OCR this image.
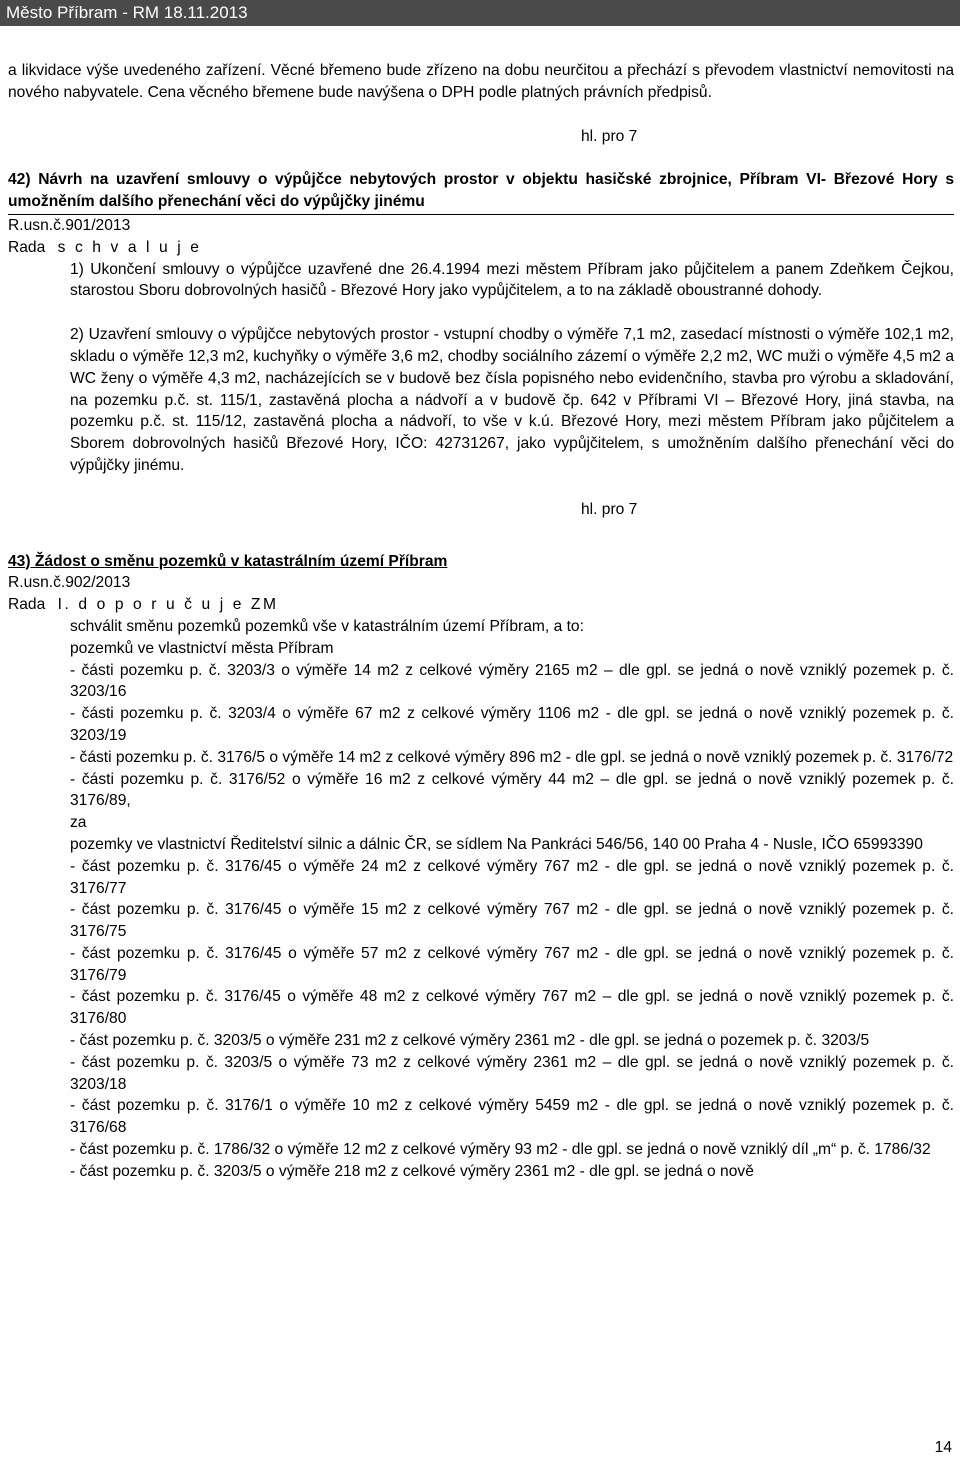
Město Příbram - RM 18.11.2013

a likvidace výše uvedeného zařízení. Věcné břemeno bude zřízeno na dobu neurčitou a přechází s převodem vlastnictví nemovitosti na nového nabyvatele. Cena věcného břemene bude navýšena o DPH podle platných právních předpisů.

hl. pro 7

42) Návrh na uzavření smlouvy o výpůjčce nebytových prostor v objektu hasičské zbrojnice, Příbram VI- Březové Hory s umožněním dalšího přenechání věci do výpůjčky jinému

R.usn.č.901/2013

Rada s c h v a l u j e

1) Ukončení smlouvy o výpůjčce uzavřené dne 26.4.1994 mezi městem Příbram jako půjčitelem a panem Zdeňkem Čejkou, starostou Sboru dobrovolných hasičů - Březové Hory jako vypůjčitelem, a to na základě oboustranné dohody.

2) Uzavření smlouvy o výpůjčce nebytových prostor - vstupní chodby o výměře 7,1 m2, zasedací místnosti o výměře 102,1 m2, skladu o výměře 12,3 m2, kuchyňky o výměře 3,6 m2, chodby sociálního zázemí o výměře 2,2 m2, WC muži o výměře 4,5 m2 a WC ženy o výměře 4,3 m2, nacházejících se v budově bez čísla popisného nebo evidenčního, stavba pro výrobu a skladování, na pozemku p.č. st. 115/1, zastavěná plocha a nádvoří a v budově čp. 642 v Příbrami VI – Březové Hory, jiná stavba, na pozemku p.č. st. 115/12, zastavěná plocha a nádvoří, to vše v k.ú. Březové Hory, mezi městem Příbram jako půjčitelem a Sborem dobrovolných hasičů Březové Hory, IČO: 42731267, jako vypůjčitelem, s umožněním dalšího přenechání věci do výpůjčky jinému.

hl. pro 7

43) Žádost o směnu pozemků v katastrálním území Příbram

R.usn.č.902/2013

Rada I. d o p o r u č u j e ZM

schválit směnu pozemků pozemků vše v katastrálním území Příbram, a to:

pozemků ve vlastnictví města Příbram

- části pozemku p. č. 3203/3 o výměře 14 m2 z celkové výměry 2165 m2 – dle gpl. se jedná o nově vzniklý pozemek p. č. 3203/16

- části pozemku p. č. 3203/4 o výměře 67 m2 z celkové výměry 1106 m2 - dle gpl. se jedná o nově vzniklý pozemek p. č. 3203/19

- části pozemku p. č. 3176/5 o výměře 14 m2 z celkové výměry 896 m2 - dle gpl. se jedná o nově vzniklý pozemek p. č. 3176/72

- části pozemku p. č. 3176/52 o výměře 16 m2 z celkové výměry 44 m2 – dle gpl. se jedná o nově vzniklý pozemek p. č. 3176/89,

za

pozemky ve vlastnictví Ředitelství silnic a dálnic ČR, se sídlem Na Pankráci 546/56, 140 00 Praha 4 - Nusle, IČO 65993390

- část pozemku p. č. 3176/45 o výměře 24 m2 z celkové výměry 767 m2 - dle gpl. se jedná o nově vzniklý pozemek p. č. 3176/77

- část pozemku p. č. 3176/45 o výměře 15 m2 z celkové výměry 767 m2 - dle gpl. se jedná o nově vzniklý pozemek p. č. 3176/75

- část pozemku p. č. 3176/45 o výměře 57 m2 z celkové výměry 767 m2 - dle gpl. se jedná o nově vzniklý pozemek p. č. 3176/79

- část pozemku p. č. 3176/45 o výměře 48 m2 z celkové výměry 767 m2 – dle gpl. se jedná o nově vzniklý pozemek p. č. 3176/80

- část pozemku p. č. 3203/5 o výměře 231 m2 z celkové výměry 2361 m2 - dle gpl. se jedná o pozemek p. č. 3203/5

- část pozemku p. č. 3203/5 o výměře 73 m2 z celkové výměry 2361 m2 – dle gpl. se jedná o nově vzniklý pozemek p. č. 3203/18

- část pozemku p. č. 3176/1 o výměře 10 m2 z celkové výměry 5459 m2 - dle gpl. se jedná o nově vzniklý pozemek p. č. 3176/68

- část pozemku p. č. 1786/32 o výměře 12 m2 z celkové výměry 93 m2 - dle gpl. se jedná o nově vzniklý díl „m“ p. č. 1786/32

- část pozemku p. č. 3203/5 o výměře 218 m2 z celkové výměry 2361 m2 - dle gpl. se jedná o nově

14
